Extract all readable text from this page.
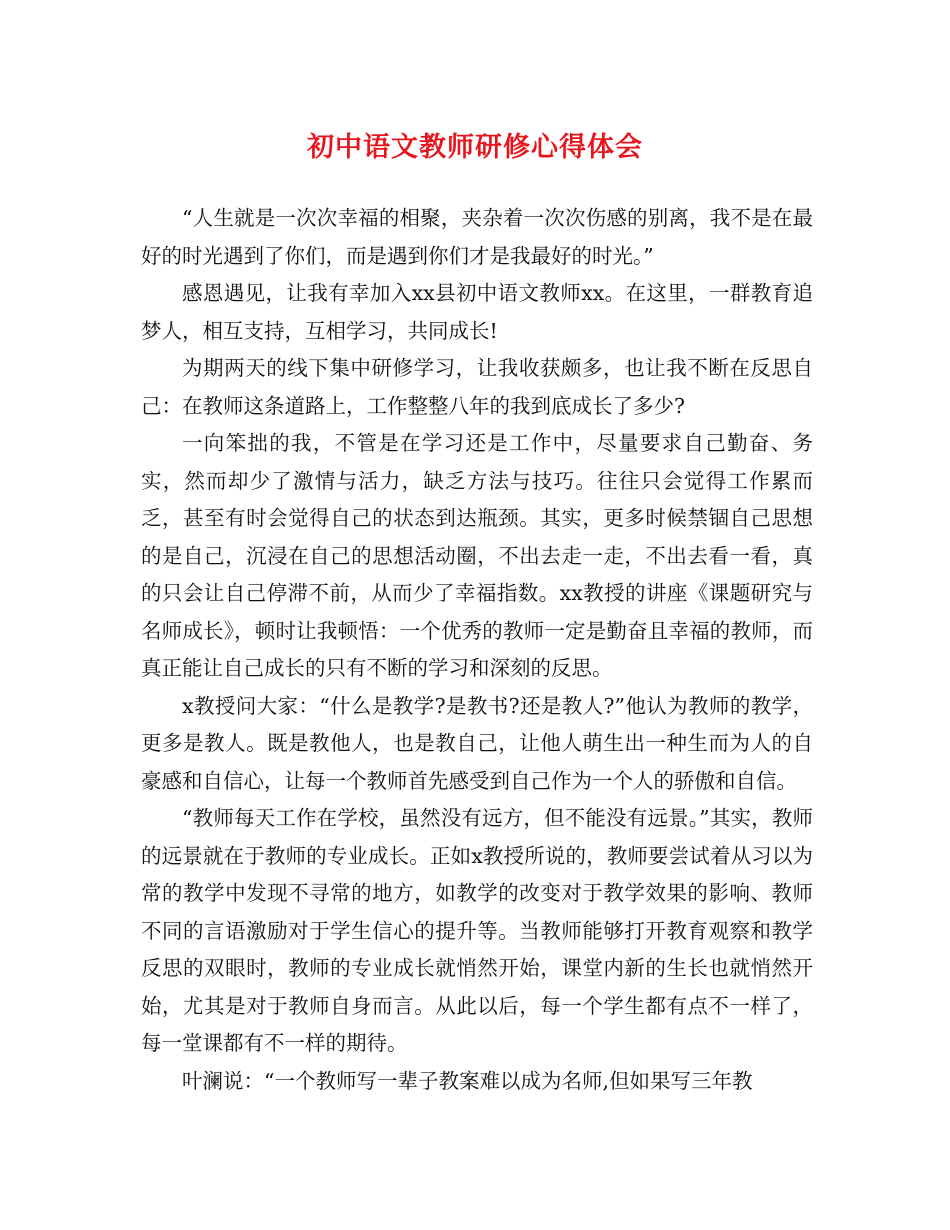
初中语文教师研修心得体会

“人生就是一次次幸福的相聚，夹杂着一次次伤感的别离，我不是在最好的时光遇到了你们，而是遇到你们才是我最好的时光。”

感恩遇见，让我有幸加入xx县初中语文教师xx。在这里，一群教育追梦人，相互支持，互相学习，共同成长!

为期两天的线下集中研修学习，让我收获颇多，也让我不断在反思自己：在教师这条道路上，工作整整八年的我到底成长了多少?

一向笨拙的我，不管是在学习还是工作中，尽量要求自己勤奋、务实，然而却少了激情与活力，缺乏方法与技巧。往往只会觉得工作累而乏，甚至有时会觉得自己的状态到达瓶颈。其实，更多时候禁锢自己思想的是自己，沉浸在自己的思想活动圈，不出去走一走，不出去看一看，真的只会让自己停滞不前，从而少了幸福指数。xx教授的讲座《课题研究与名师成长》，顿时让我顿悟：一个优秀的教师一定是勤奋且幸福的教师，而真正能让自己成长的只有不断的学习和深刻的反思。

x教授问大家：“什么是教学?是教书?还是教人?”他认为教师的教学，更多是教人。既是教他人，也是教自己，让他人萌生出一种生而为人的自豪感和自信心，让每一个教师首先感受到自己作为一个人的骄傲和自信。

“教师每天工作在学校，虽然没有远方，但不能没有远景。”其实，教师的远景就在于教师的专业成长。正如x教授所说的，教师要尝试着从习以为常的教学中发现不寻常的地方，如教学的改变对于教学效果的影响、教师不同的言语激励对于学生信心的提升等。当教师能够打开教育观察和教学反思的双眼时，教师的专业成长就悄然开始，课堂内新的生长也就悄然开始，尤其是对于教师自身而言。从此以后，每一个学生都有点不一样了，每一堂课都有不一样的期待。

叶澜说：“一个教师写一辈子教案难以成为名师,但如果写三年教
